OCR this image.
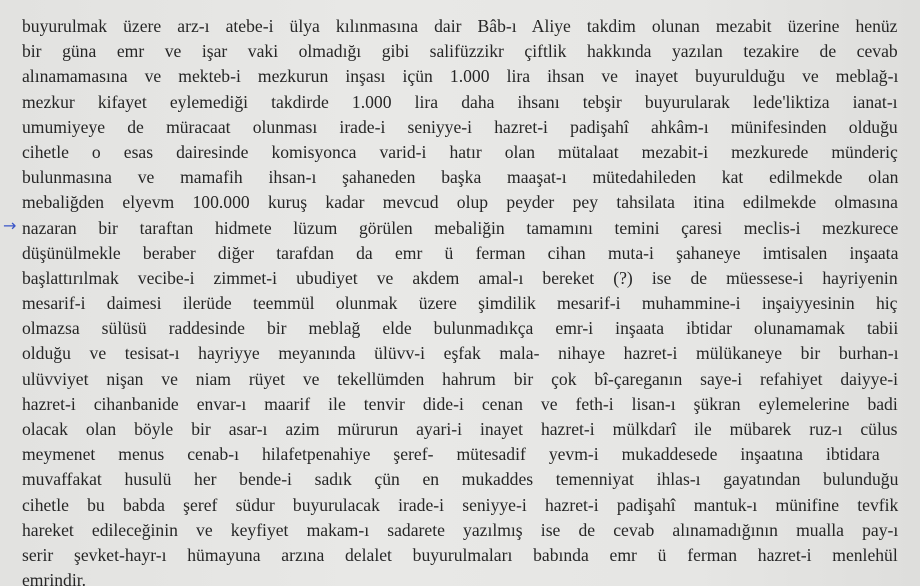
→
buyurulmak üzere arz-ı atebe-i ülya kılınmasına dair Bâb-ı Aliye takdim olunan mezabit üzerine henüz
bir güna emr ve işar vaki olmadığı gibi salifüzzikr çiftlik hakkında yazılan tezakire de cevab
alınamamasına ve mekteb-i mezkurun inşası içün 1.000 lira ihsan ve inayet buyurulduğu ve meblağ-ı
mezkur kifayet eylemediği takdirde 1.000 lira daha ihsanı tebşir buyurularak lede'liktiza ianat-ı
umumiyeye de müracaat olunması irade-i seniyye-i hazret-i padişahî ahkâm-ı münifesinden olduğu
cihetle o esas dairesinde komisyonca varid-i hatır olan mütalaat mezabit-i mezkurede münderiç
bulunmasına ve mamafih ihsan-ı şahaneden başka maaşat-ı mütedahileden kat edilmekde olan
mebaliğden elyevm 100.000 kuruş kadar mevcud olup peyder pey tahsilata itina edilmekde olmasına
nazaran bir taraftan hidmete lüzum görülen mebaliğin tamamını temini çaresi meclis-i mezkurece
düşünülmekle beraber diğer tarafdan da emr ü ferman cihan muta-i şahaneye imtisalen inşaata
başlattırılmak vecibe-i zimmet-i ubudiyet ve akdem amal-ı bereket (?) ise de müessese-i hayriyenin
mesarif-i daimesi ilerüde teemmül olunmak üzere şimdilik mesarif-i muhammine-i inşaiyyesinin hiç
olmazsa sülüsü raddesinde bir meblağ elde bulunmadıkça emr-i inşaata ibtidar olunamamak tabii
olduğu ve tesisat-ı hayriyye meyanında ülüvv-i eşfak mala- nihaye hazret-i mülükaneye bir burhan-ı
ulüvviyet nişan ve niam rüyet ve tekellümden hahrum bir çok bî-çareganın saye-i refahiyet daiyye-i
hazret-i cihanbanide envar-ı maarif ile tenvir dide-i cenan ve feth-i lisan-ı şükran eylemelerine badi
olacak olan böyle bir asar-ı azim mürurun ayari-i inayet hazret-i mülkdarî ile mübarek ruz-ı cülus
meymenet menus cenab-ı hilafetpenahiye şeref- mütesadif yevm-i mukaddesede inşaatına ibtidara
muvaffakat husulü her bende-i sadık çün en mukaddes temenniyat ihlas-ı gayatından bulunduğu
cihetle bu babda şeref südur buyurulacak irade-i seniyye-i hazret-i padişahî mantuk-ı münifine tevfik
hareket edileceğinin ve keyfiyet makam-ı sadarete yazılmış ise de cevab alınamadığının mualla pay-ı
serir şevket-hayr-ı hümayuna arzına delalet buyurulmaları babında emr ü ferman hazret-i menlehül
emrindir.
